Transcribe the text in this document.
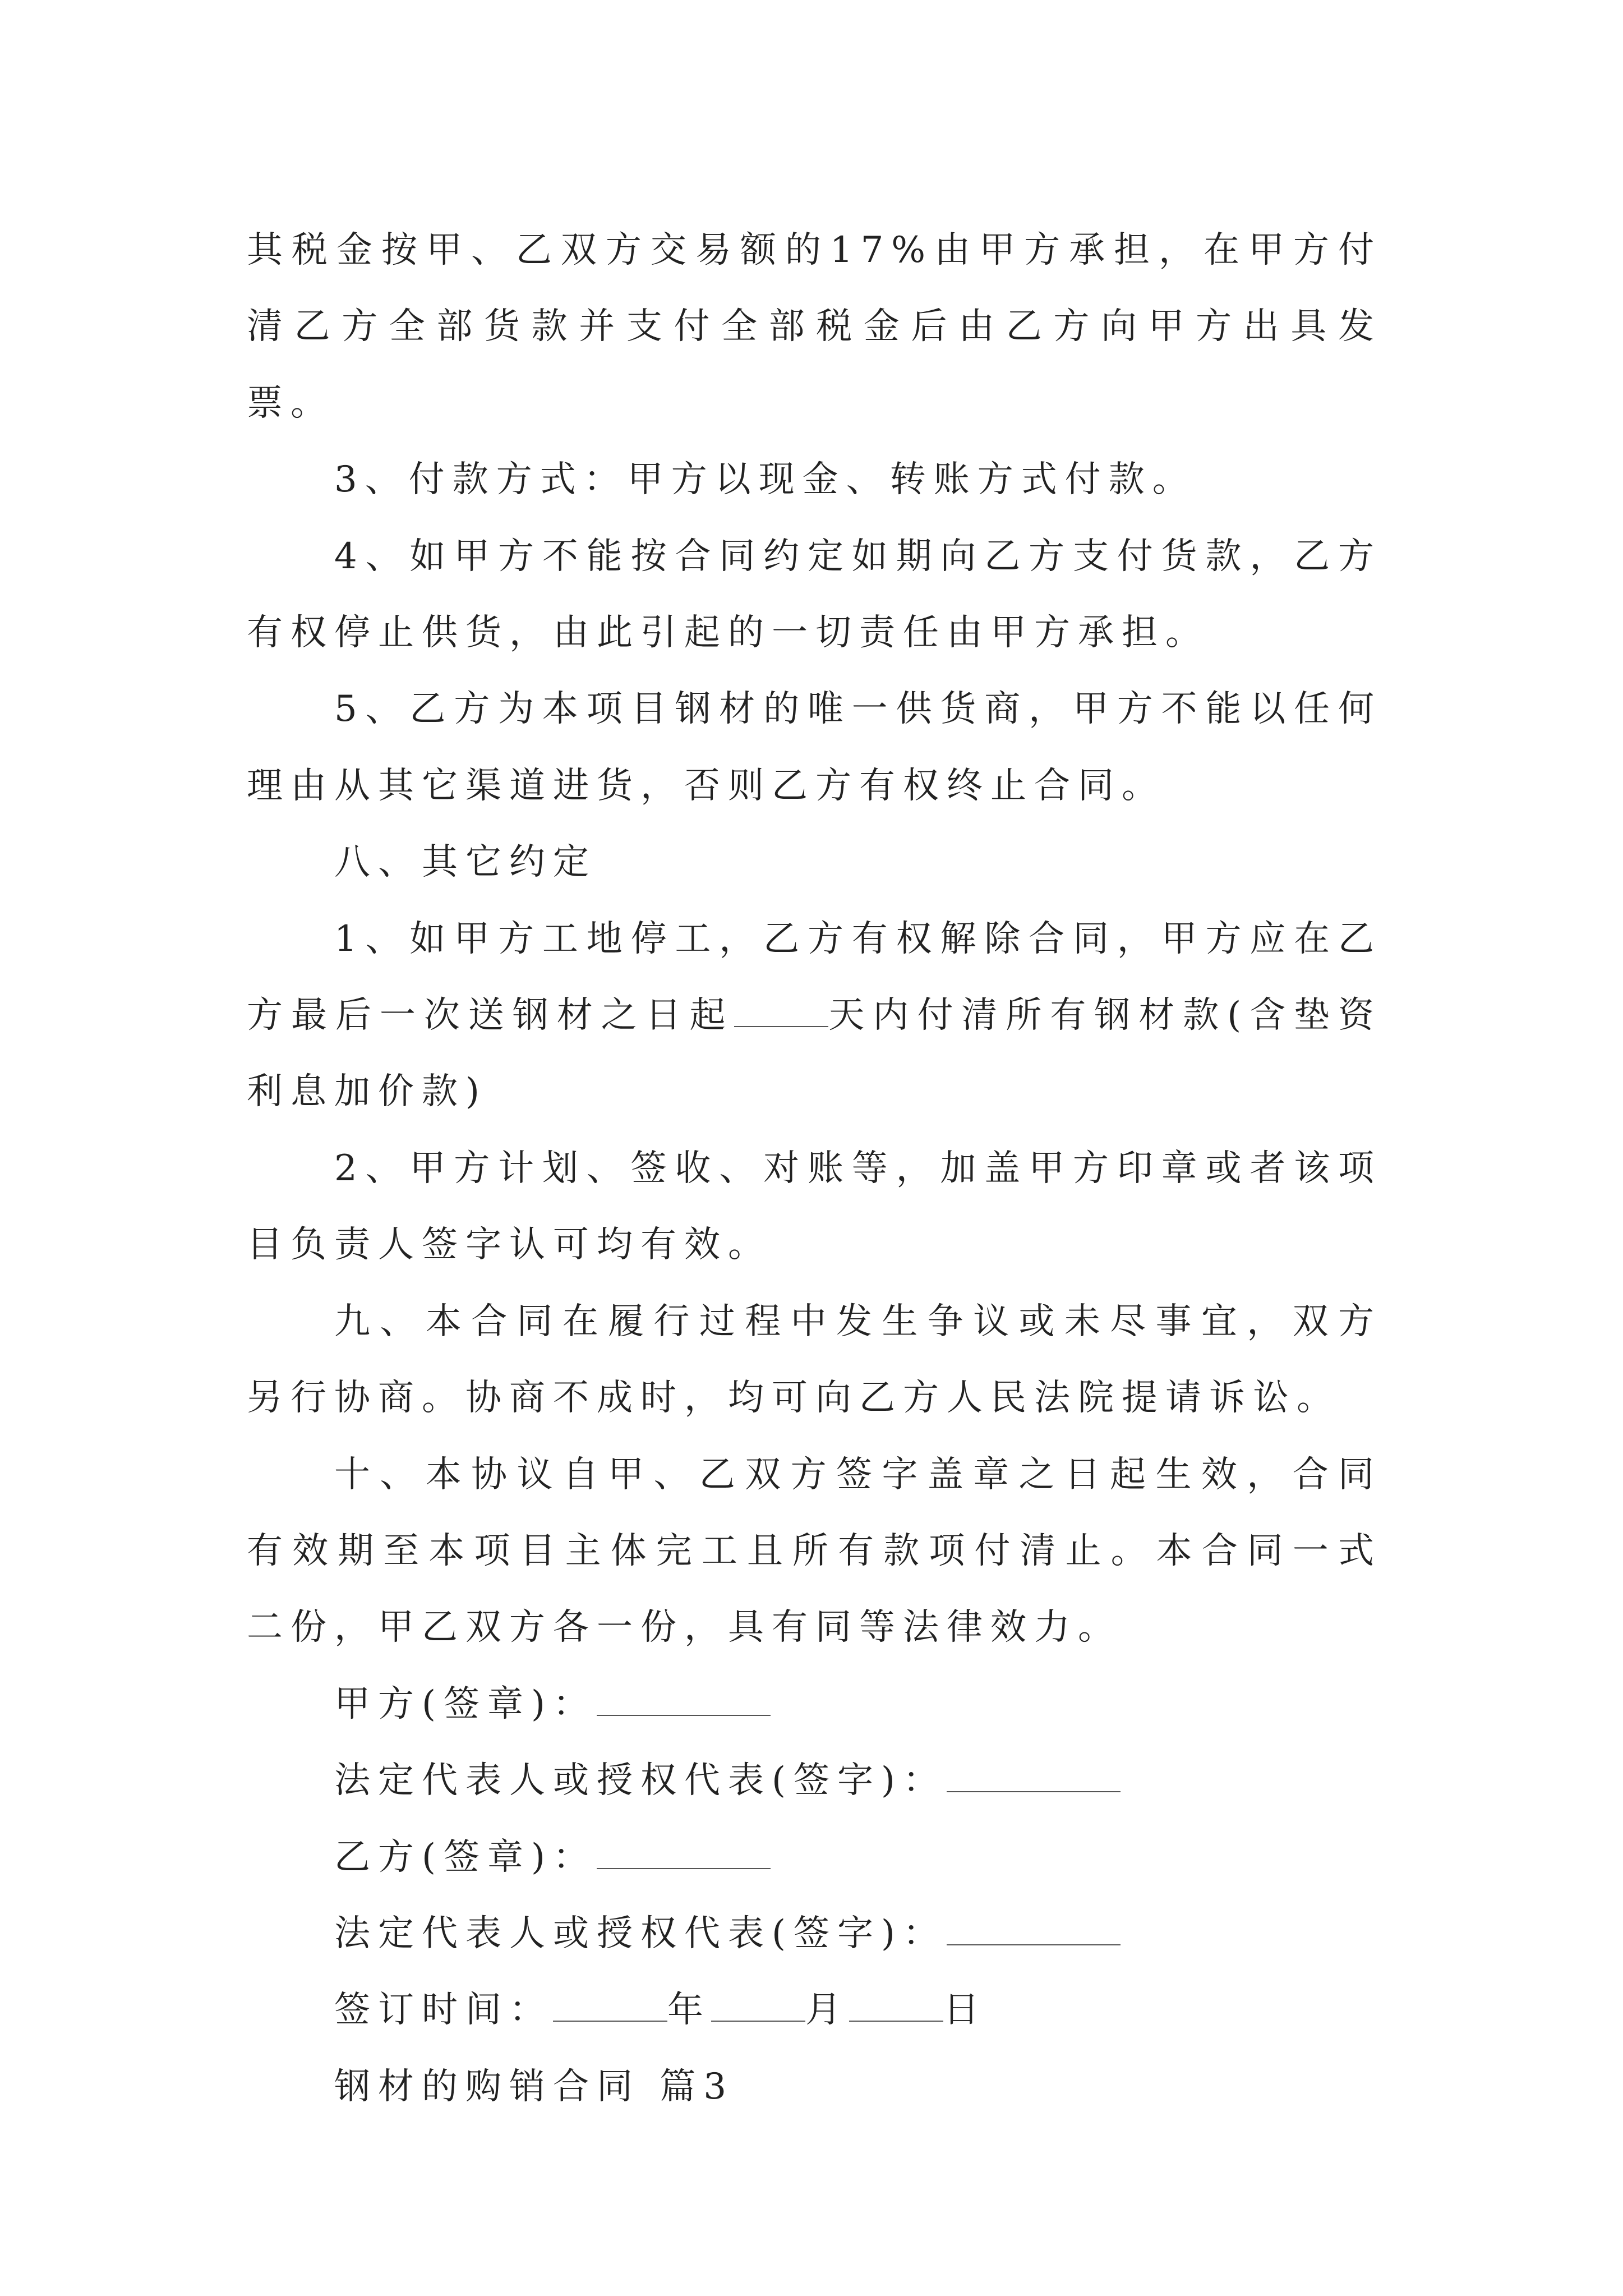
其税金按甲、乙双方交易额的17%由甲方承担，在甲方付清乙方全部货款并支付全部税金后由乙方向甲方出具发票。

3、付款方式：甲方以现金、转账方式付款。

4、如甲方不能按合同约定如期向乙方支付货款，乙方有权停止供货，由此引起的一切责任由甲方承担。

5、乙方为本项目钢材的唯一供货商，甲方不能以任何理由从其它渠道进货，否则乙方有权终止合同。

八、其它约定

1、如甲方工地停工，乙方有权解除合同，甲方应在乙方最后一次送钢材之日起	天内付清所有钢材款(含垫资利息加价款)

2、甲方计划、签收、对账等，加盖甲方印章或者该项目负责人签字认可均有效。

九、本合同在履行过程中发生争议或未尽事宜，双方另行协商。协商不成时，均可向乙方人民法院提请诉讼。

十、本协议自甲、乙双方签字盖章之日起生效，合同有效期至本项目主体完工且所有款项付清止。本合同一式二份，甲乙双方各一份，具有同等法律效力。

甲方(签章)：

法定代表人或授权代表(签字)：

乙方(签章)：

法定代表人或授权代表(签字)：

签订时间：	年	月	日

钢材的购销合同 篇3
